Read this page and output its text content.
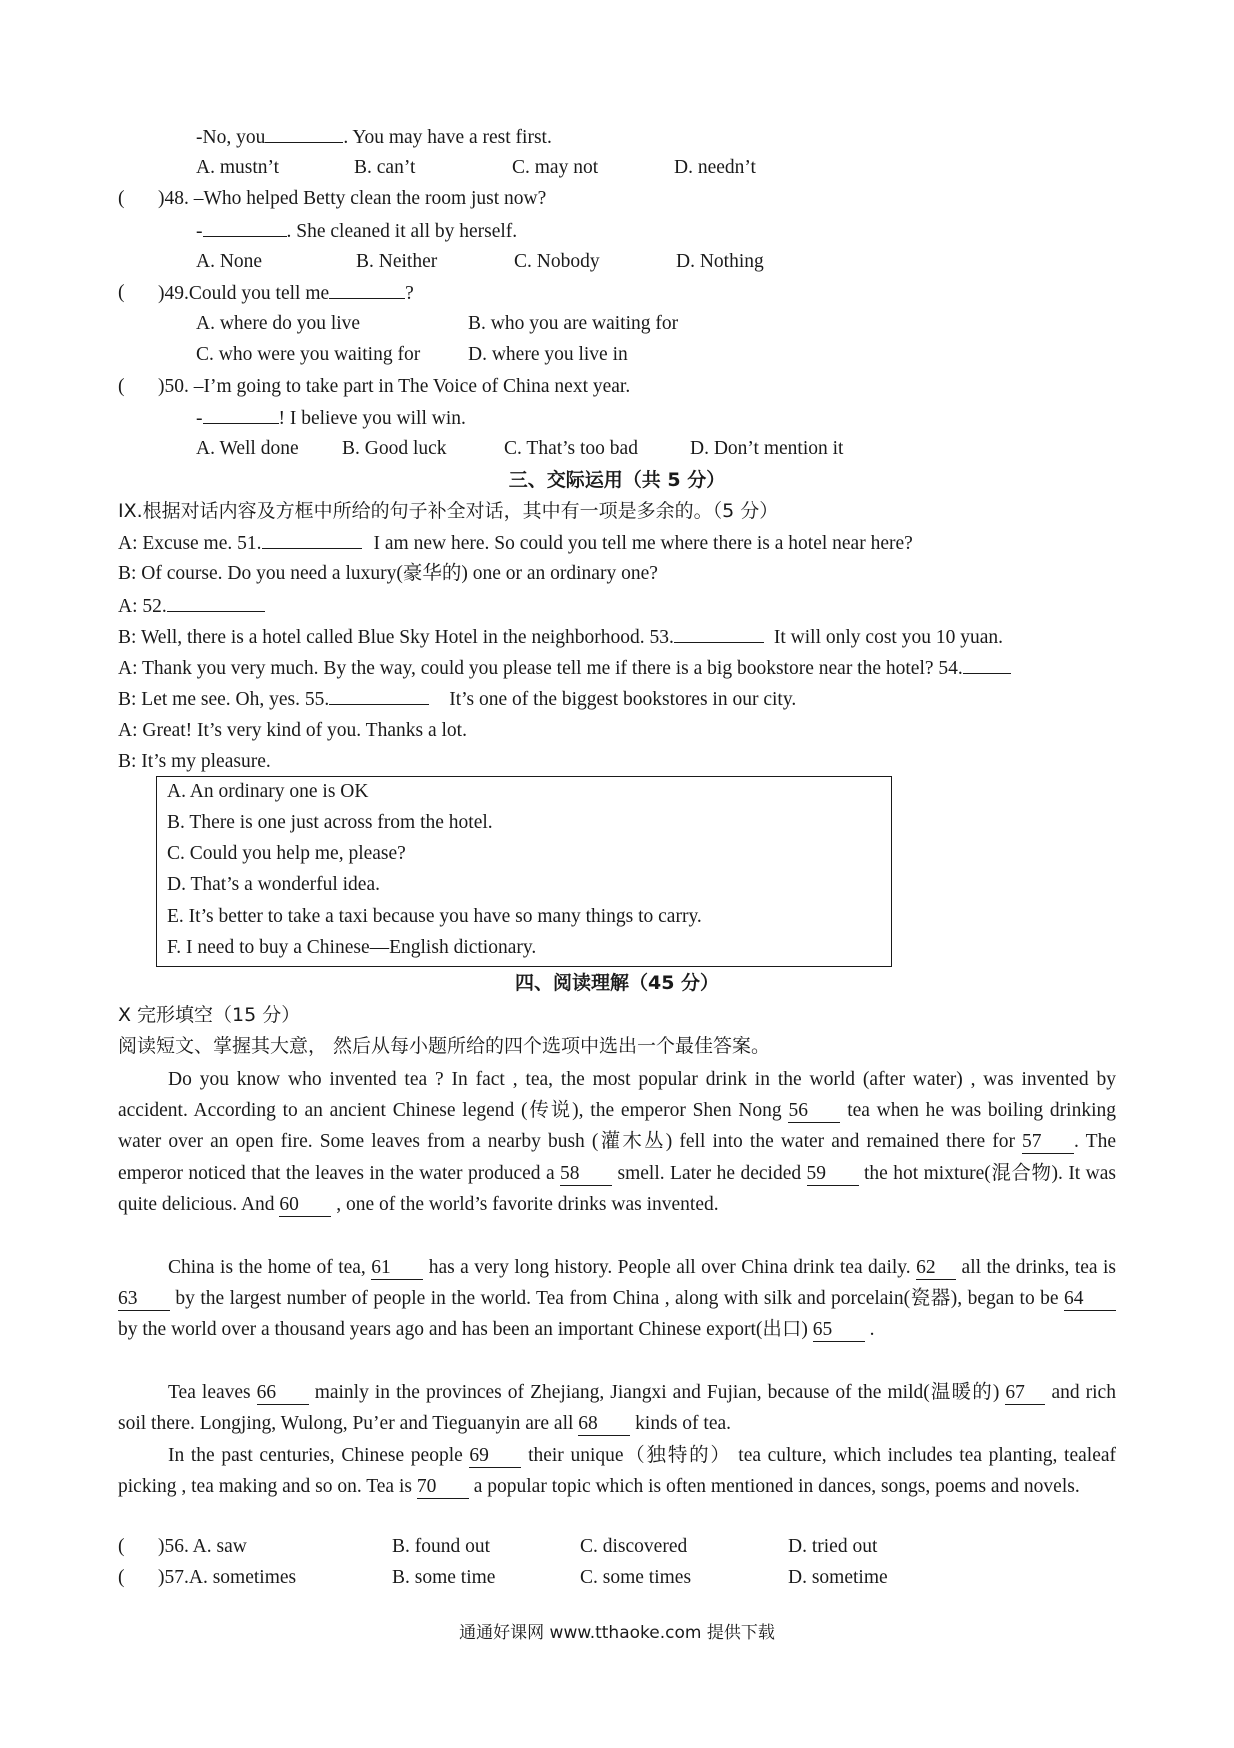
-No, you	. You may have a rest first.
A. mustn’t	B. can’t	C. may not	D. needn’t
( )48. –Who helped Betty clean the room just now?
-	. She cleaned it all by herself.
A. None	B. Neither	C. Nobody	D. Nothing
( )49.Could you tell me	?
A. where do you live	B. who you are waiting for
C. who were you waiting for D. where you live in
( )50. –I’m going to take part in The Voice of China next year.
-	! I believe you will win.
A. Well done B. Good luck	C. That’s too bad	D. Don’t mention it
三、交际运用（共 5 分）
IX.根据对话内容及方框中所给的句子补全对话，其中有一项是多余的。（5 分）
A: Excuse me. 51.	I am new here. So could you tell me where there is a hotel near here?
B: Of course. Do you need a luxury(豪华的) one or an ordinary one?
A: 52.
B: Well, there is a hotel called Blue Sky Hotel in the neighborhood. 53.	It will only cost you 10 yuan.
A: Thank you very much. By the way, could you please tell me if there is a big bookstore near the hotel? 54.
B: Let me see. Oh, yes. 55.	It’s one of the biggest bookstores in our city.
A: Great! It’s very kind of you. Thanks a lot.
B: It’s my pleasure.
A. An ordinary one is OK
B. There is one just across from the hotel.
C. Could you help me, please?
D. That’s a wonderful idea.
E. It’s better to take a taxi because you have so many things to carry.
F. I need to buy a Chinese—English dictionary.
四、阅读理解（45 分）
X 完形填空（15 分）
阅读短文、掌握其大意， 然后从每小题所给的四个选项中选出一个最佳答案。
Do you know who invented tea ? In fact , tea, the most popular drink in the world (after water) , was invented by accident. According to an ancient Chinese legend (传说), the emperor Shen Nong 56 tea when he was boiling drinking water over an open fire. Some leaves from a nearby bush (灌木丛) fell into the water and remained there for 57 . The emperor noticed that the leaves in the water produced a 58 smell. Later he decided 59 the hot mixture(混合物). It was quite delicious. And 60 , one of the world’s favorite drinks was invented.
China is the home of tea, 61 has a very long history. People all over China drink tea daily. 62 all the drinks, tea is 63 by the largest number of people in the world. Tea from China , along with silk and porcelain(瓷器), began to be 64 by the world over a thousand years ago and has been an important Chinese export(出口) 65 .
Tea leaves 66 mainly in the provinces of Zhejiang, Jiangxi and Fujian, because of the mild(温暖的) 67 and rich soil there. Longjing, Wulong, Pu’er and Tieguanyin are all 68 kinds of tea.
In the past centuries, Chinese people 69 their unique（独特的） tea culture, which includes tea planting, tealeaf picking , tea making and so on. Tea is 70 a popular topic which is often mentioned in dances, songs, poems and novels.
( )56. A. saw	B. found out	C. discovered	D. tried out
( )57.A. sometimes	B. some time	C. some times	D. sometime
通通好课网 www.tthaoke.com 提供下载
